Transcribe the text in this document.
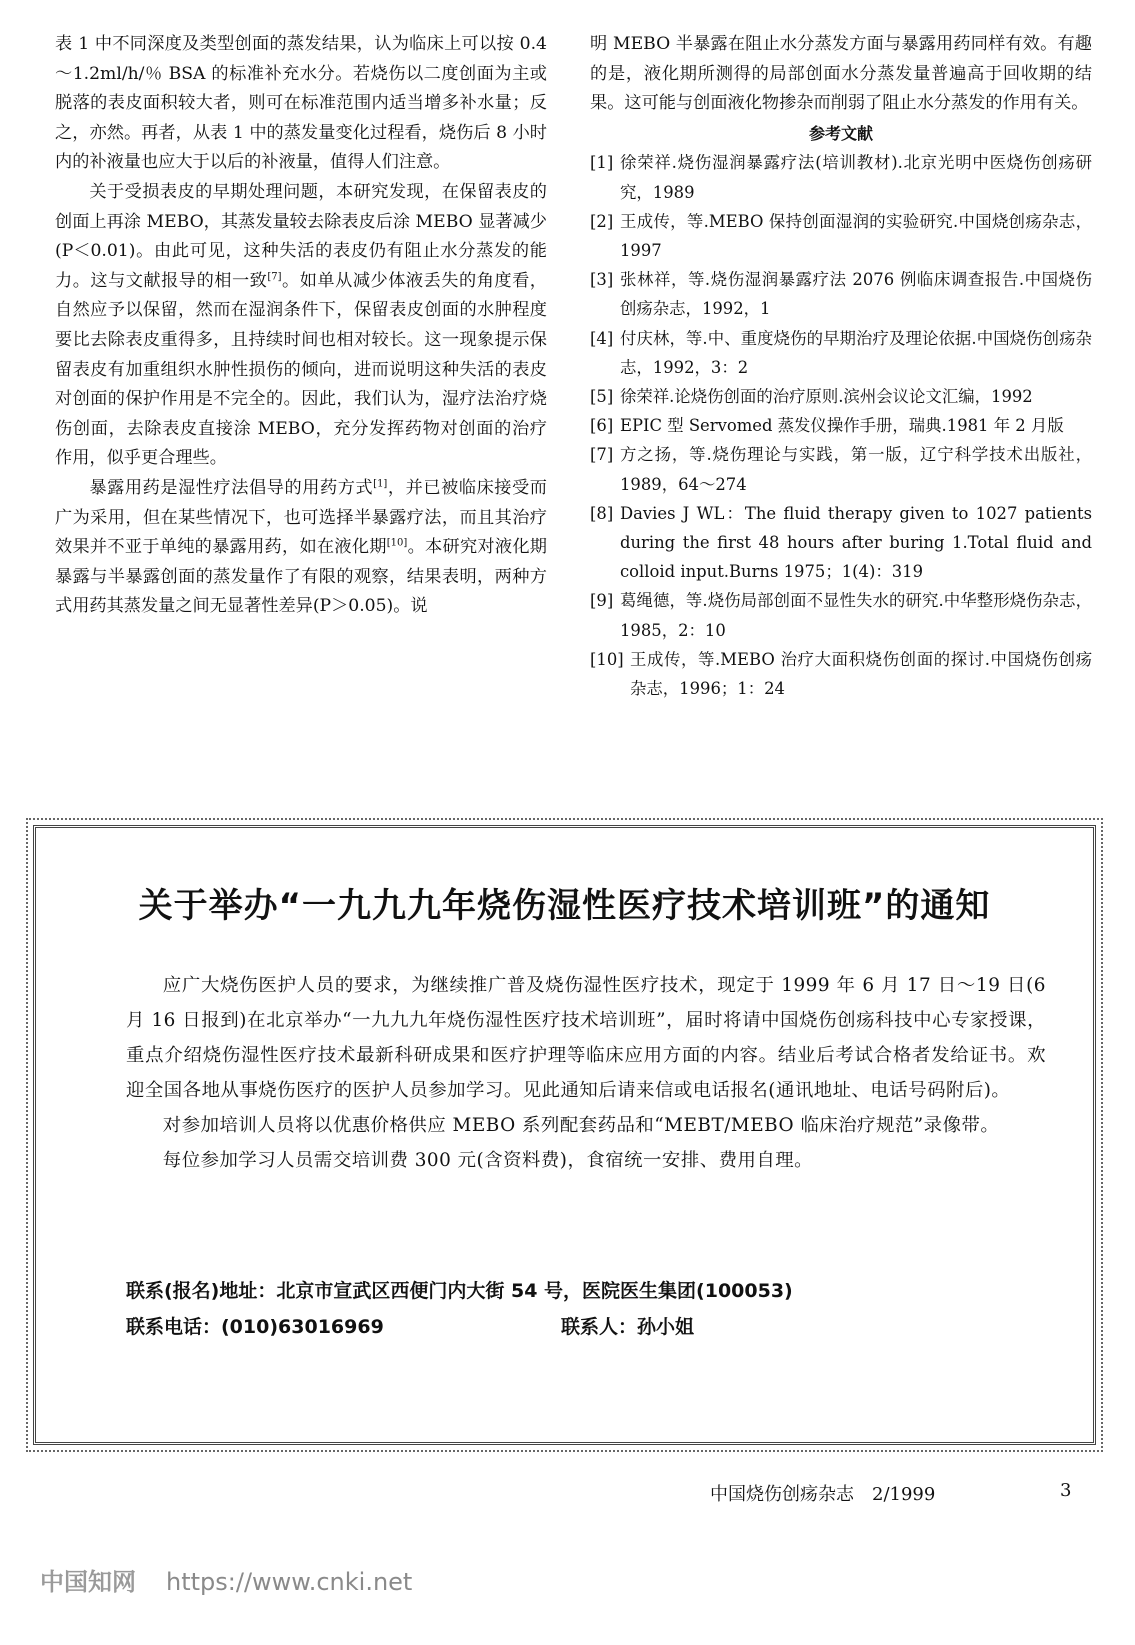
表 1 中不同深度及类型创面的蒸发结果，认为临床上可以按 0.4～1.2ml/h/％ BSA 的标准补充水分。若烧伤以二度创面为主或脱落的表皮面积较大者，则可在标准范围内适当增多补水量；反之，亦然。再者，从表 1 中的蒸发量变化过程看，烧伤后 8 小时内的补液量也应大于以后的补液量，值得人们注意。

关于受损表皮的早期处理问题，本研究发现，在保留表皮的创面上再涂 MEBO，其蒸发量较去除表皮后涂 MEBO 显著减少(P＜0.01)。由此可见，这种失活的表皮仍有阻止水分蒸发的能力。这与文献报导的相一致[7]。如单从减少体液丢失的角度看，自然应予以保留，然而在湿润条件下，保留表皮创面的水肿程度要比去除表皮重得多，且持续时间也相对较长。这一现象提示保留表皮有加重组织水肿性损伤的倾向，进而说明这种失活的表皮对创面的保护作用是不完全的。因此，我们认为，湿疗法治疗烧伤创面，去除表皮直接涂 MEBO，充分发挥药物对创面的治疗作用，似乎更合理些。

暴露用药是湿性疗法倡导的用药方式[1]，并已被临床接受而广为采用，但在某些情况下，也可选择半暴露疗法，而且其治疗效果并不亚于单纯的暴露用药，如在液化期[10]。本研究对液化期暴露与半暴露创面的蒸发量作了有限的观察，结果表明，两种方式用药其蒸发量之间无显著性差异(P＞0.05)。说

明 MEBO 半暴露在阻止水分蒸发方面与暴露用药同样有效。有趣的是，液化期所测得的局部创面水分蒸发量普遍高于回收期的结果。这可能与创面液化物掺杂而削弱了阻止水分蒸发的作用有关。

参考文献

[1] 徐荣祥.烧伤湿润暴露疗法(培训教材).北京光明中医烧伤创疡研究，1989
[2] 王成传，等.MEBO 保持创面湿润的实验研究.中国烧创疡杂志，1997
[3] 张林祥，等.烧伤湿润暴露疗法 2076 例临床调查报告.中国烧伤创疡杂志，1992，1
[4] 付庆林，等.中、重度烧伤的早期治疗及理论依据.中国烧伤创疡杂志，1992，3：2
[5] 徐荣祥.论烧伤创面的治疗原则.滨州会议论文汇编，1992
[6] EPIC 型 Servomed 蒸发仪操作手册，瑞典.1981 年 2 月版
[7] 方之扬，等.烧伤理论与实践，第一版，辽宁科学技术出版社，1989，64～274
[8] Davies J WL：The fluid therapy given to 1027 patients during the first 48 hours after buring 1.Total fluid and colloid input.Burns 1975；1(4)：319
[9] 葛绳德，等.烧伤局部创面不显性失水的研究.中华整形烧伤杂志，1985，2：10
[10] 王成传，等.MEBO 治疗大面积烧伤创面的探讨.中国烧伤创疡杂志，1996；1：24
关于举办“一九九九年烧伤湿性医疗技术培训班”的通知

应广大烧伤医护人员的要求，为继续推广普及烧伤湿性医疗技术，现定于 1999 年 6 月 17 日～19 日(6 月 16 日报到)在北京举办“一九九九年烧伤湿性医疗技术培训班”，届时将请中国烧伤创疡科技中心专家授课，重点介绍烧伤湿性医疗技术最新科研成果和医疗护理等临床应用方面的内容。结业后考试合格者发给证书。欢迎全国各地从事烧伤医疗的医护人员参加学习。见此通知后请来信或电话报名(通讯地址、电话号码附后)。

对参加培训人员将以优惠价格供应 MEBO 系列配套药品和“MEBT/MEBO 临床治疗规范”录像带。

每位参加学习人员需交培训费 300 元(含资料费)，食宿统一安排、费用自理。

联系(报名)地址：北京市宣武区西便门内大街 54 号，医院医生集团(100053)
联系电话：(010)63016969	联系人：孙小姐
中国烧伤创疡杂志　2/1999	3
中国知网 https://www.cnki.net
